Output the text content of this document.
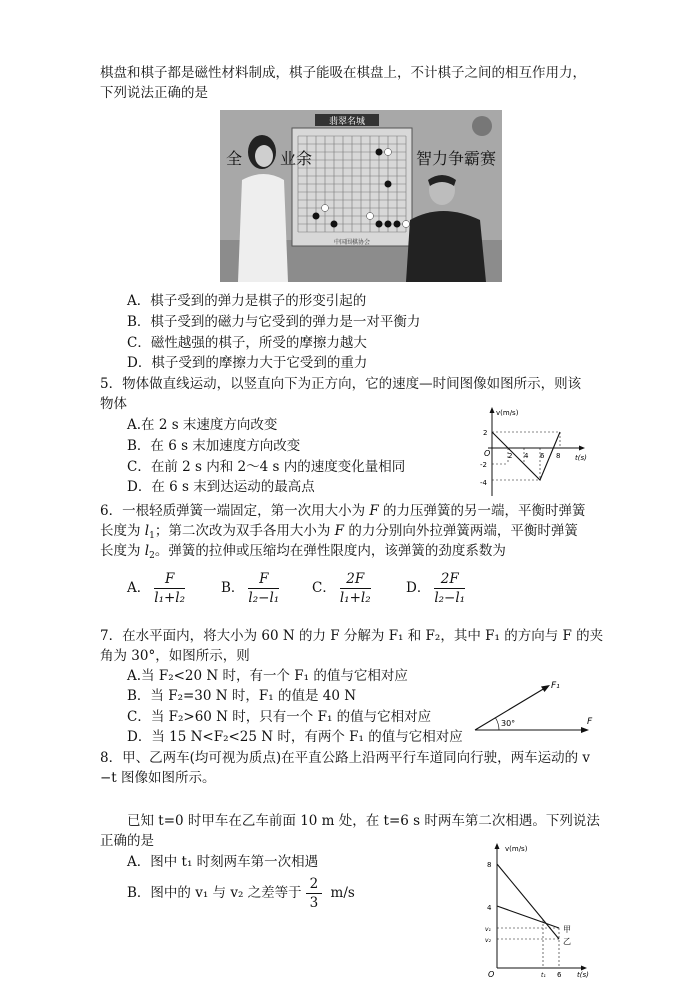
棋盘和棋子都是磁性材料制成，棋子能吸在棋盘上，不计棋子之间的相互作用力，
下列说法正确的是
翡翠名城
全 业余	智力争霸赛
中国围棋协会
A．棋子受到的弹力是棋子的形变引起的
B．棋子受到的磁力与它受到的弹力是一对平衡力
C．磁性越强的棋子，所受的摩擦力越大
D．棋子受到的摩擦力大于它受到的重力
5．物体做直线运动，以竖直向下为正方向，它的速度—时间图像如图所示，则该
物体
A.在 2 s 末速度方向改变
B．在 6 s 末加速度方向改变
C．在前 2 s 内和 2～4 s 内的速度变化量相同
D．在 6 s 末到达运动的最高点
v(m/s)
t(s)
O
2
-2
-4
2 4 6 8
6．一根轻质弹簧一端固定，第一次用大小为 F 的力压弹簧的另一端，平衡时弹簧
长度为 $l_1$；第二次改为双手各用大小为 F 的力分别向外拉弹簧两端，平衡时弹簧
长度为 $l_2$。弹簧的拉伸或压缩均在弹性限度内，该弹簧的劲度系数为
A． $\frac{F}{\text{l₁+l₂}}$	B． $\frac{F}{\text{l₂−l₁}}$ C． $\frac{2F}{\text{l₁+l₂}}$	D． $\frac{2F}{\text{l₂−l₁}}$
7．在水平面内，将大小为 60 N 的力 F 分解为 F₁ 和 F₂，其中 F₁ 的方向与 F 的夹
角为 30°，如图所示，则
A.当 F₂<20 N 时，有一个 F₁ 的值与它相对应
B．当 F₂=30 N 时，F₁ 的值是 40 N
C．当 F₂>60 N 时，只有一个 F₁ 的值与它相对应
D．当 15 N<F₂<25 N 时，有两个 F₁ 的值与它相对应
30°
F₁
F
8．甲、乙两车(均可视为质点)在平直公路上沿两平行车道同向行驶，两车运动的 v
−t 图像如图所示。
已知 t=0 时甲车在乙车前面 10 m 处，在 t=6 s 时两车第二次相遇。下列说法
正确的是
A．图中 t₁ 时刻两车第一次相遇
B．图中的 v₁ 与 v₂ 之差等于 $\frac{2}{3} m/s$
v(m/s)
t(s)
O
8
4
v₁
v₂
t₁ 6
甲
乙
